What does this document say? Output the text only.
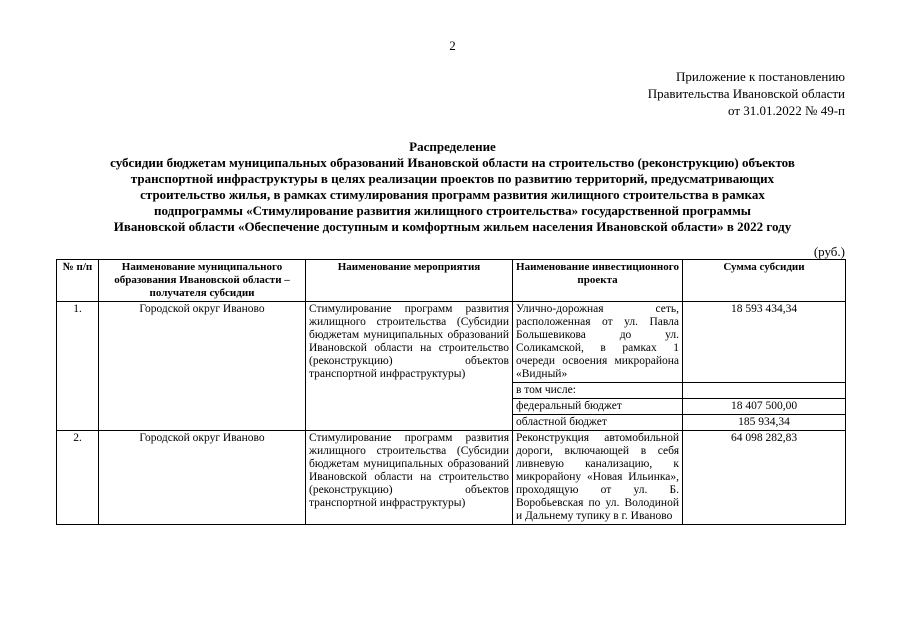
2
Приложение к постановлению
Правительства Ивановской области
от 31.01.2022 № 49-п
Распределение
субсидии бюджетам муниципальных образований Ивановской области на строительство (реконструкцию) объектов
транспортной инфраструктуры в целях реализации проектов по развитию территорий, предусматривающих
строительство жилья, в рамках стимулирования программ развития жилищного строительства в рамках
подпрограммы «Стимулирование развития жилищного строительства» государственной программы
Ивановской области «Обеспечение доступным и комфортным жильем населения Ивановской области» в 2022 году
(руб.)
№ п/п	Наименование муниципального образования Ивановской области – получателя субсидии	Наименование мероприятия	Наименование инвестиционного проекта	Сумма субсидии
1.	Городской округ Иваново	Стимулирование программ развития жилищного строительства (Субсидии бюджетам муниципальных образований Ивановской области на строительство (реконструкцию) объектов транспортной инфраструктуры)	Улично-дорожная сеть, расположенная от ул. Павла Большевикова до ул. Соликамской, в рамках 1 очереди освоения микрорайона «Видный»	18 593 434,34
			в том числе:	
			федеральный бюджет	18 407 500,00
			областной бюджет	185 934,34
2.	Городской округ Иваново	Стимулирование программ развития жилищного строительства (Субсидии бюджетам муниципальных образований Ивановской области на строительство (реконструкцию) объектов транспортной инфраструктуры)	Реконструкция автомобильной дороги, включающей в себя ливневую канализацию, к микрорайону «Новая Ильинка», проходящую от ул. Б. Воробьевская по ул. Володиной и Дальнему тупику в г. Иваново	64 098 282,83
